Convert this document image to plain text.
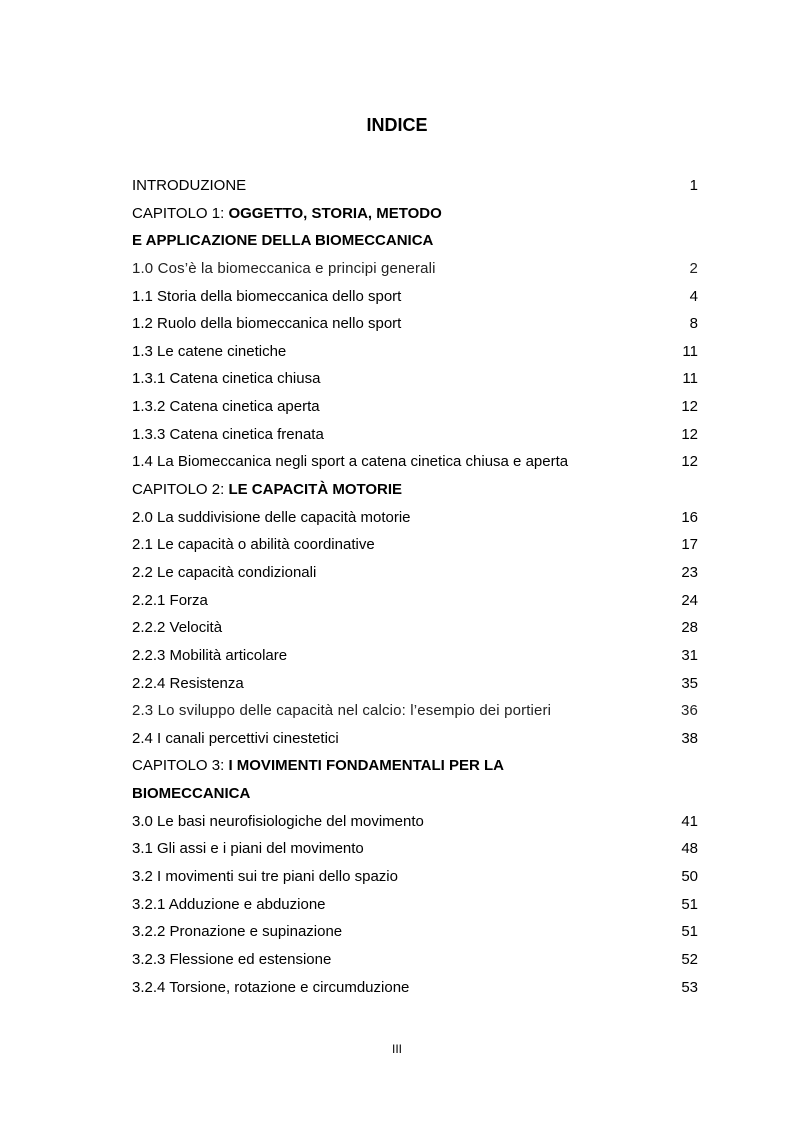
INDICE
INTRODUZIONE	1
CAPITOLO 1: OGGETTO, STORIA, METODO
E APPLICAZIONE DELLA BIOMECCANICA
1.0 Cos’è la biomeccanica e principi generali	2
1.1 Storia della biomeccanica dello sport	4
1.2 Ruolo della biomeccanica nello sport	8
1.3 Le catene cinetiche	11
1.3.1 Catena cinetica chiusa	11
1.3.2 Catena cinetica aperta	12
1.3.3 Catena cinetica frenata	12
1.4 La Biomeccanica negli sport a catena cinetica chiusa e aperta	12
CAPITOLO 2: LE CAPACITÀ MOTORIE
2.0 La suddivisione delle capacità motorie	16
2.1 Le capacità o abilità coordinative	17
2.2 Le capacità condizionali	23
2.2.1 Forza	24
2.2.2 Velocità	28
2.2.3 Mobilità articolare	31
2.2.4 Resistenza	35
2.3 Lo sviluppo delle capacità nel calcio: l’esempio dei portieri	36
2.4 I canali percettivi cinestetici	38
CAPITOLO 3: I MOVIMENTI FONDAMENTALI PER LA
BIOMECCANICA
3.0 Le basi neurofisiologiche del movimento	41
3.1 Gli assi e i piani del movimento	48
3.2 I movimenti sui tre piani dello spazio	50
3.2.1 Adduzione e abduzione	51
3.2.2 Pronazione e supinazione	51
3.2.3 Flessione ed estensione	52
3.2.4 Torsione, rotazione e circumduzione	53
III
